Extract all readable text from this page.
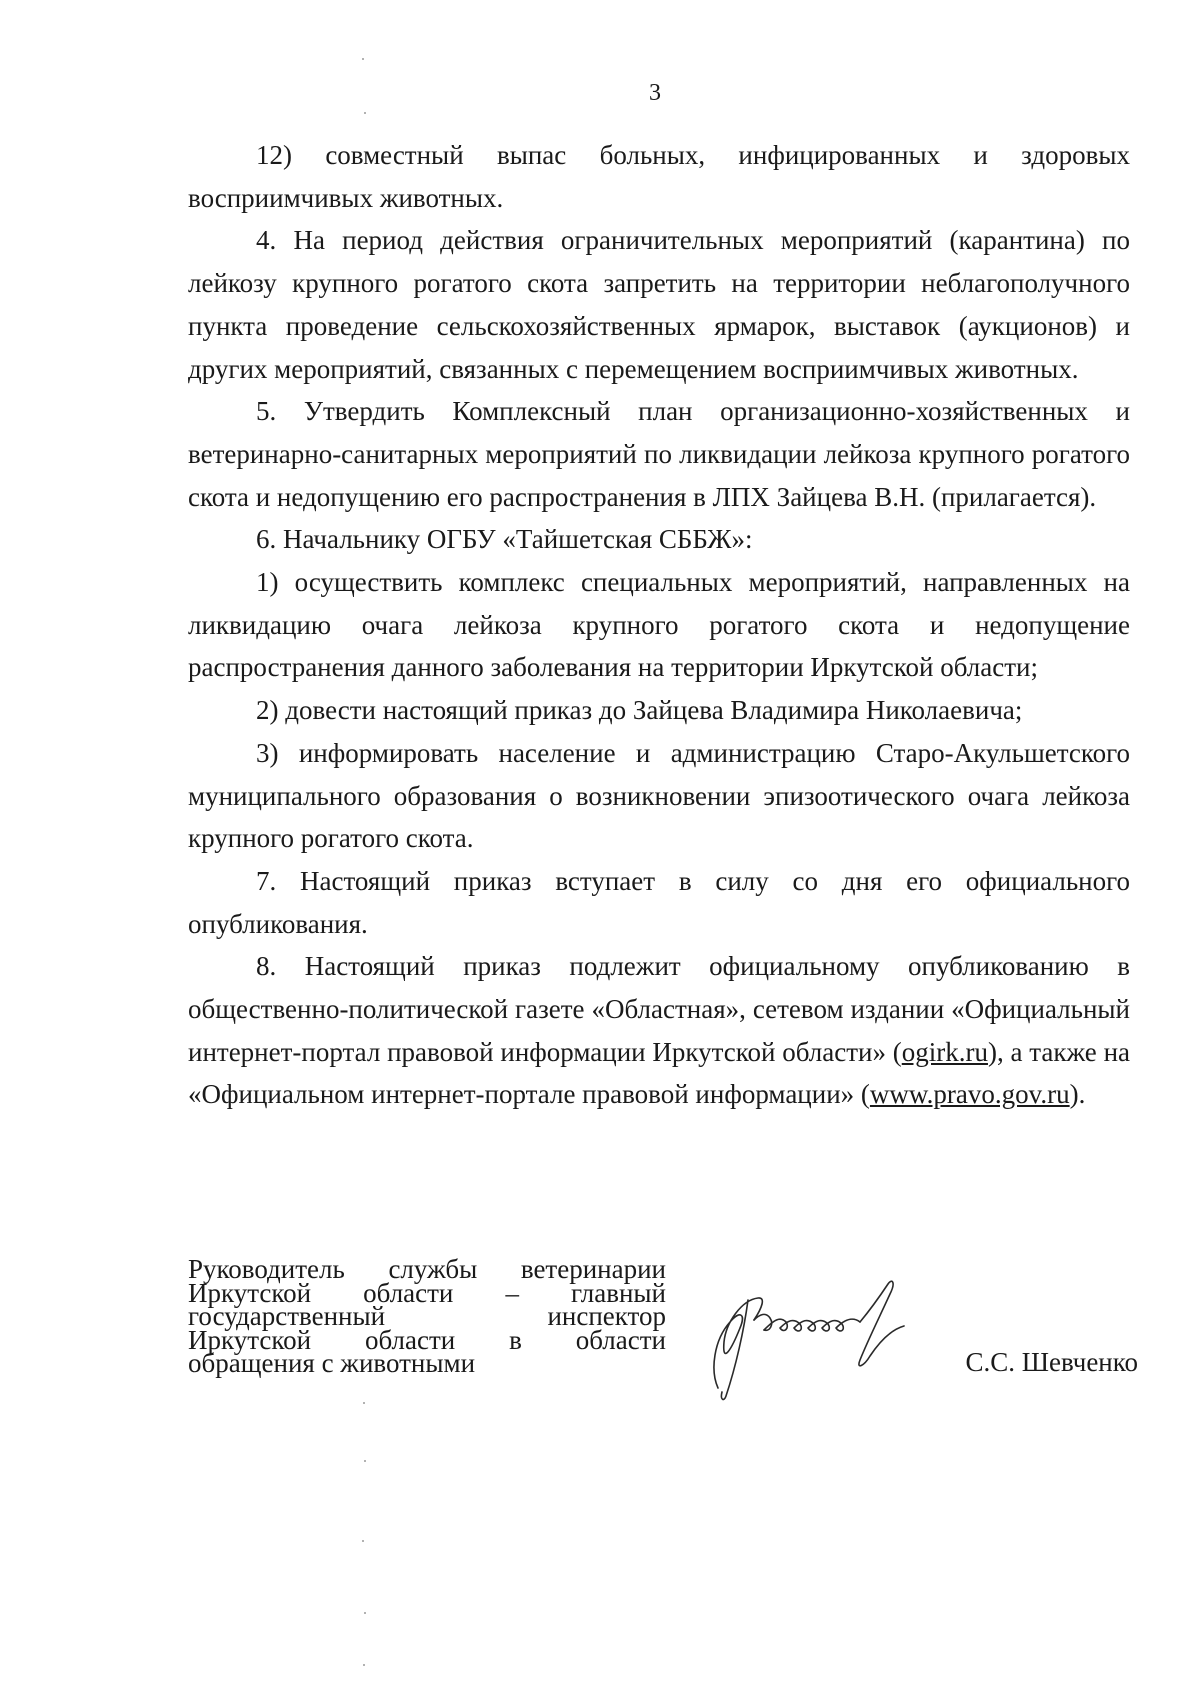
3

12) совместный выпас больных, инфицированных и здоровых восприимчивых животных.

4. На период действия ограничительных мероприятий (карантина) по лейкозу крупного рогатого скота запретить на территории неблагополучного пункта проведение сельскохозяйственных ярмарок, выставок (аукционов) и других мероприятий, связанных с перемещением восприимчивых животных.

5. Утвердить Комплексный план организационно-хозяйственных и ветеринарно-санитарных мероприятий по ликвидации лейкоза крупного рогатого скота и недопущению его распространения в ЛПХ Зайцева В.Н. (прилагается).

6. Начальнику ОГБУ «Тайшетская СББЖ»:

1) осуществить комплекс специальных мероприятий, направленных на ликвидацию очага лейкоза крупного рогатого скота и недопущение распространения данного заболевания на территории Иркутской области;

2) довести настоящий приказ до Зайцева Владимира Николаевича;

3) информировать население и администрацию Старо-Акульшетского муниципального образования о возникновении эпизоотического очага лейкоза крупного рогатого скота.

7. Настоящий приказ вступает в силу со дня его официального опубликования.

8. Настоящий приказ подлежит официальному опубликованию в общественно-политической газете «Областная», сетевом издании «Официальный интернет-портал правовой информации Иркутской области» (ogirk.ru), а также на «Официальном интернет-портале правовой информации» (www.pravo.gov.ru).

Руководитель службы ветеринарии
Иркутской области – главный
государственный инспектор
Иркутской области в области
обращения с животными	С.С. Шевченко
